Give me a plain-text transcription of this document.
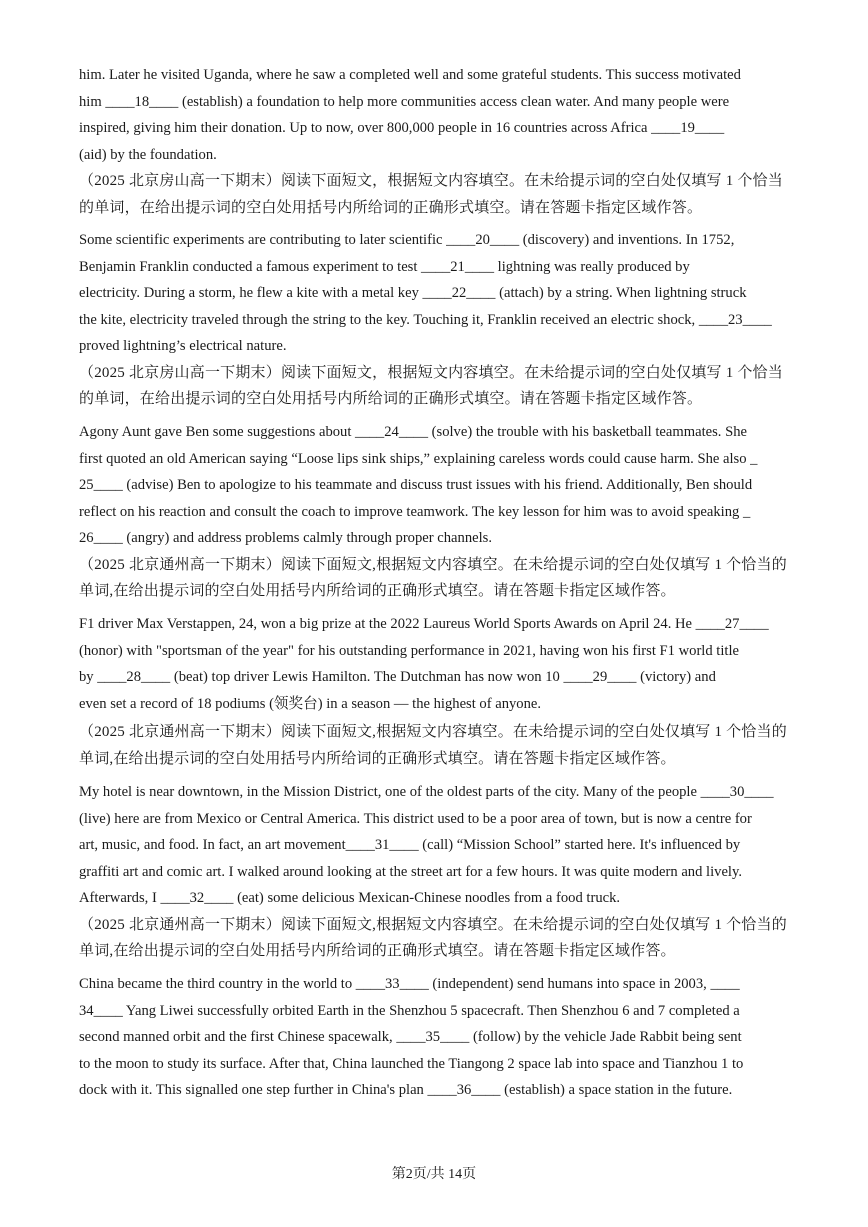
him. Later he visited Uganda, where he saw a completed well and some grateful students. This success motivated
him ____18____ (establish) a foundation to help more communities access clean water. And many people were
inspired, giving him their donation. Up to now, over 800,000 people in 16 countries across Africa ____19____
(aid) by the foundation.
（2025 北京房山高一下期末）阅读下面短文，根据短文内容填空。在未给提示词的空白处仅填写 1 个恰当
的单词，在给出提示词的空白处用括号内所给词的正确形式填空。请在答题卡指定区域作答。
Some scientific experiments are contributing to later scientific ____20____ (discovery) and inventions. In 1752,
Benjamin Franklin conducted a famous experiment to test ____21____ lightning was really produced by
electricity. During a storm, he flew a kite with a metal key ____22____ (attach) by a string. When lightning struck
the kite, electricity traveled through the string to the key. Touching it, Franklin received an electric shock, ____23____
proved lightning’s electrical nature.
（2025 北京房山高一下期末）阅读下面短文，根据短文内容填空。在未给提示词的空白处仅填写 1 个恰当
的单词，在给出提示词的空白处用括号内所给词的正确形式填空。请在答题卡指定区域作答。
Agony Aunt gave Ben some suggestions about ____24____ (solve) the trouble with his basketball teammates. She
first quoted an old American saying “Loose lips sink ships,” explaining careless words could cause harm. She also _
25____ (advise) Ben to apologize to his teammate and discuss trust issues with his friend. Additionally, Ben should
reflect on his reaction and consult the coach to improve teamwork. The key lesson for him was to avoid speaking _
26____ (angry) and address problems calmly through proper channels.
（2025 北京通州高一下期末）阅读下面短文,根据短文内容填空。在未给提示词的空白处仅填写 1 个恰当的
单词,在给出提示词的空白处用括号内所给词的正确形式填空。请在答题卡指定区域作答。
F1 driver Max Verstappen, 24, won a big prize at the 2022 Laureus World Sports Awards on April 24. He ____27____
(honor) with "sportsman of the year" for his outstanding performance in 2021, having won his first F1 world title
by ____28____ (beat) top driver Lewis Hamilton. The Dutchman has now won 10 ____29____ (victory) and
even set a record of 18 podiums (领奖台) in a season — the highest of anyone.
（2025 北京通州高一下期末）阅读下面短文,根据短文内容填空。在未给提示词的空白处仅填写 1 个恰当的
单词,在给出提示词的空白处用括号内所给词的正确形式填空。请在答题卡指定区域作答。
My hotel is near downtown, in the Mission District, one of the oldest parts of the city. Many of the people ____30____
(live) here are from Mexico or Central America. This district used to be a poor area of town, but is now a centre for
art, music, and food. In fact, an art movement____31____ (call) “Mission School” started here. It's influenced by
graffiti art and comic art. I walked around looking at the street art for a few hours. It was quite modern and lively.
Afterwards, I ____32____ (eat) some delicious Mexican-Chinese noodles from a food truck.
（2025 北京通州高一下期末）阅读下面短文,根据短文内容填空。在未给提示词的空白处仅填写 1 个恰当的
单词,在给出提示词的空白处用括号内所给词的正确形式填空。请在答题卡指定区域作答。
China became the third country in the world to ____33____ (independent) send humans into space in 2003, ____
34____ Yang Liwei successfully orbited Earth in the Shenzhou 5 spacecraft. Then Shenzhou 6 and 7 completed a
second manned orbit and the first Chinese spacewalk, ____35____ (follow) by the vehicle Jade Rabbit being sent
to the moon to study its surface. After that, China launched the Tiangong 2 space lab into space and Tianzhou 1 to
dock with it. This signalled one step further in China's plan ____36____ (establish) a space station in the future.
第2页/共 14页
